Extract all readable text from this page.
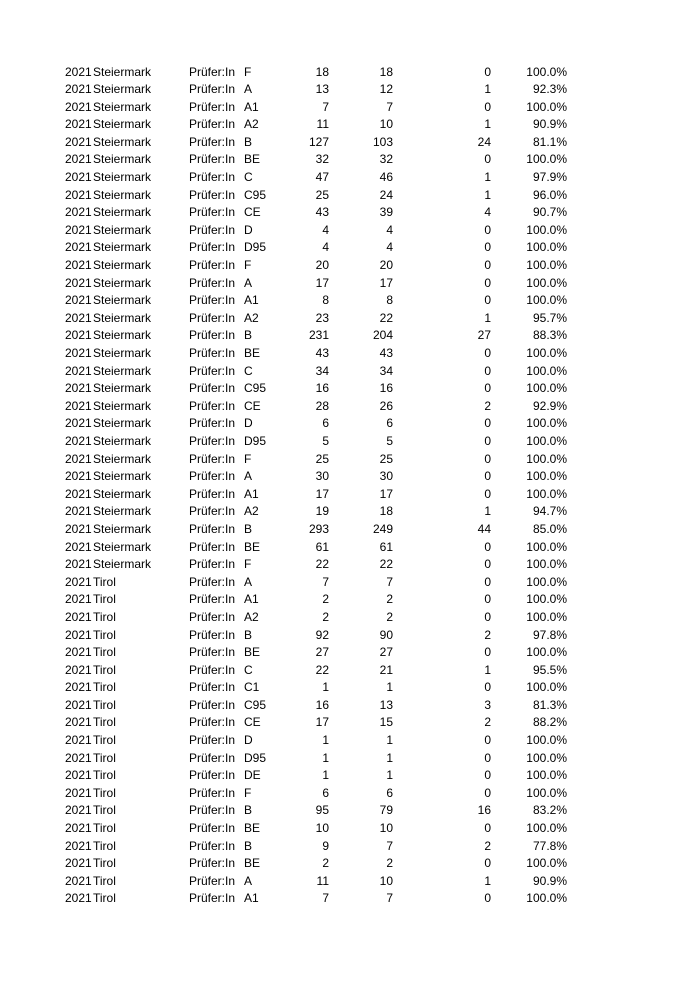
2021 Steiermark	Prüfer:In F	18	18	0	100.0%
2021 Steiermark	Prüfer:In A	13	12	1	92.3%
2021 Steiermark	Prüfer:In A1	7	7	0	100.0%
2021 Steiermark	Prüfer:In A2	11	10	1	90.9%
2021 Steiermark	Prüfer:In B	127	103	24	81.1%
2021 Steiermark	Prüfer:In BE	32	32	0	100.0%
2021 Steiermark	Prüfer:In C	47	46	1	97.9%
2021 Steiermark	Prüfer:In C95	25	24	1	96.0%
2021 Steiermark	Prüfer:In CE	43	39	4	90.7%
2021 Steiermark	Prüfer:In D	4	4	0	100.0%
2021 Steiermark	Prüfer:In D95	4	4	0	100.0%
2021 Steiermark	Prüfer:In F	20	20	0	100.0%
2021 Steiermark	Prüfer:In A	17	17	0	100.0%
2021 Steiermark	Prüfer:In A1	8	8	0	100.0%
2021 Steiermark	Prüfer:In A2	23	22	1	95.7%
2021 Steiermark	Prüfer:In B	231	204	27	88.3%
2021 Steiermark	Prüfer:In BE	43	43	0	100.0%
2021 Steiermark	Prüfer:In C	34	34	0	100.0%
2021 Steiermark	Prüfer:In C95	16	16	0	100.0%
2021 Steiermark	Prüfer:In CE	28	26	2	92.9%
2021 Steiermark	Prüfer:In D	6	6	0	100.0%
2021 Steiermark	Prüfer:In D95	5	5	0	100.0%
2021 Steiermark	Prüfer:In F	25	25	0	100.0%
2021 Steiermark	Prüfer:In A	30	30	0	100.0%
2021 Steiermark	Prüfer:In A1	17	17	0	100.0%
2021 Steiermark	Prüfer:In A2	19	18	1	94.7%
2021 Steiermark	Prüfer:In B	293	249	44	85.0%
2021 Steiermark	Prüfer:In BE	61	61	0	100.0%
2021 Steiermark	Prüfer:In F	22	22	0	100.0%
2021 Tirol	Prüfer:In A	7	7	0	100.0%
2021 Tirol	Prüfer:In A1	2	2	0	100.0%
2021 Tirol	Prüfer:In A2	2	2	0	100.0%
2021 Tirol	Prüfer:In B	92	90	2	97.8%
2021 Tirol	Prüfer:In BE	27	27	0	100.0%
2021 Tirol	Prüfer:In C	22	21	1	95.5%
2021 Tirol	Prüfer:In C1	1	1	0	100.0%
2021 Tirol	Prüfer:In C95	16	13	3	81.3%
2021 Tirol	Prüfer:In CE	17	15	2	88.2%
2021 Tirol	Prüfer:In D	1	1	0	100.0%
2021 Tirol	Prüfer:In D95	1	1	0	100.0%
2021 Tirol	Prüfer:In DE	1	1	0	100.0%
2021 Tirol	Prüfer:In F	6	6	0	100.0%
2021 Tirol	Prüfer:In B	95	79	16	83.2%
2021 Tirol	Prüfer:In BE	10	10	0	100.0%
2021 Tirol	Prüfer:In B	9	7	2	77.8%
2021 Tirol	Prüfer:In BE	2	2	0	100.0%
2021 Tirol	Prüfer:In A	11	10	1	90.9%
2021 Tirol	Prüfer:In A1	7	7	0	100.0%
